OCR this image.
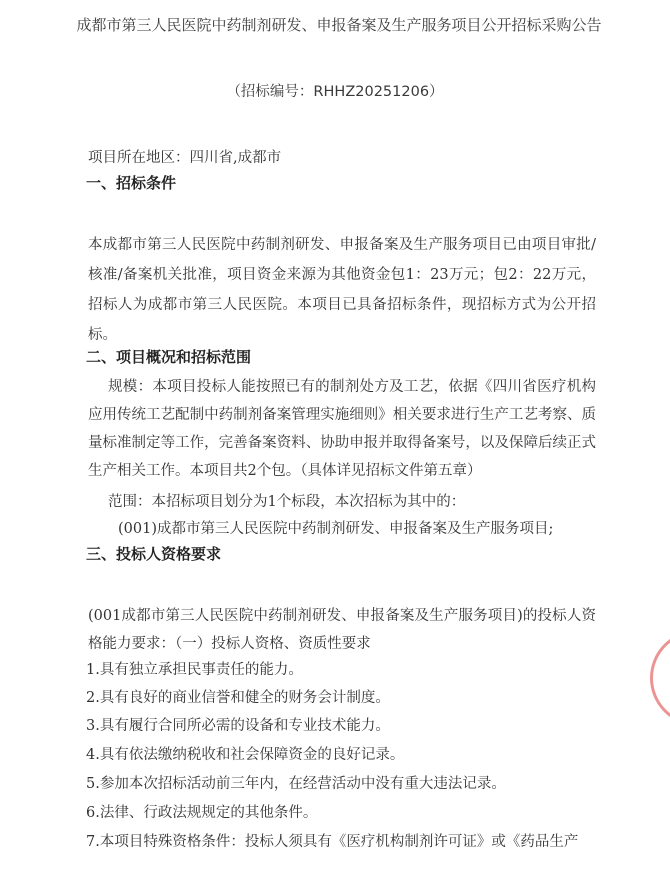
成都市第三人民医院中药制剂研发、申报备案及生产服务项目公开招标采购公告
（招标编号：RHHZ20251206）
项目所在地区：四川省,成都市
一、招标条件
本成都市第三人民医院中药制剂研发、申报备案及生产服务项目已由项目审批/核准/备案机关批准，项目资金来源为其他资金包1：23万元；包2：22万元，招标人为成都市第三人民医院。本项目已具备招标条件，现招标方式为公开招标。
二、项目概况和招标范围
规模：本项目投标人能按照已有的制剂处方及工艺，依据《四川省医疗机构应用传统工艺配制中药制剂备案管理实施细则》相关要求进行生产工艺考察、质量标准制定等工作，完善备案资料、协助申报并取得备案号，以及保障后续正式生产相关工作。本项目共2个包。（具体详见招标文件第五章）
范围：本招标项目划分为1个标段，本次招标为其中的：
(001)成都市第三人民医院中药制剂研发、申报备案及生产服务项目;
三、投标人资格要求
(001成都市第三人民医院中药制剂研发、申报备案及生产服务项目)的投标人资格能力要求：（一）投标人资格、资质性要求
1.具有独立承担民事责任的能力。
2.具有良好的商业信誉和健全的财务会计制度。
3.具有履行合同所必需的设备和专业技术能力。
4.具有依法缴纳税收和社会保障资金的良好记录。
5.参加本次招标活动前三年内，在经营活动中没有重大违法记录。
6.法律、行政法规规定的其他条件。
7.本项目特殊资格条件：投标人须具有《医疗机构制剂许可证》或《药品生产
